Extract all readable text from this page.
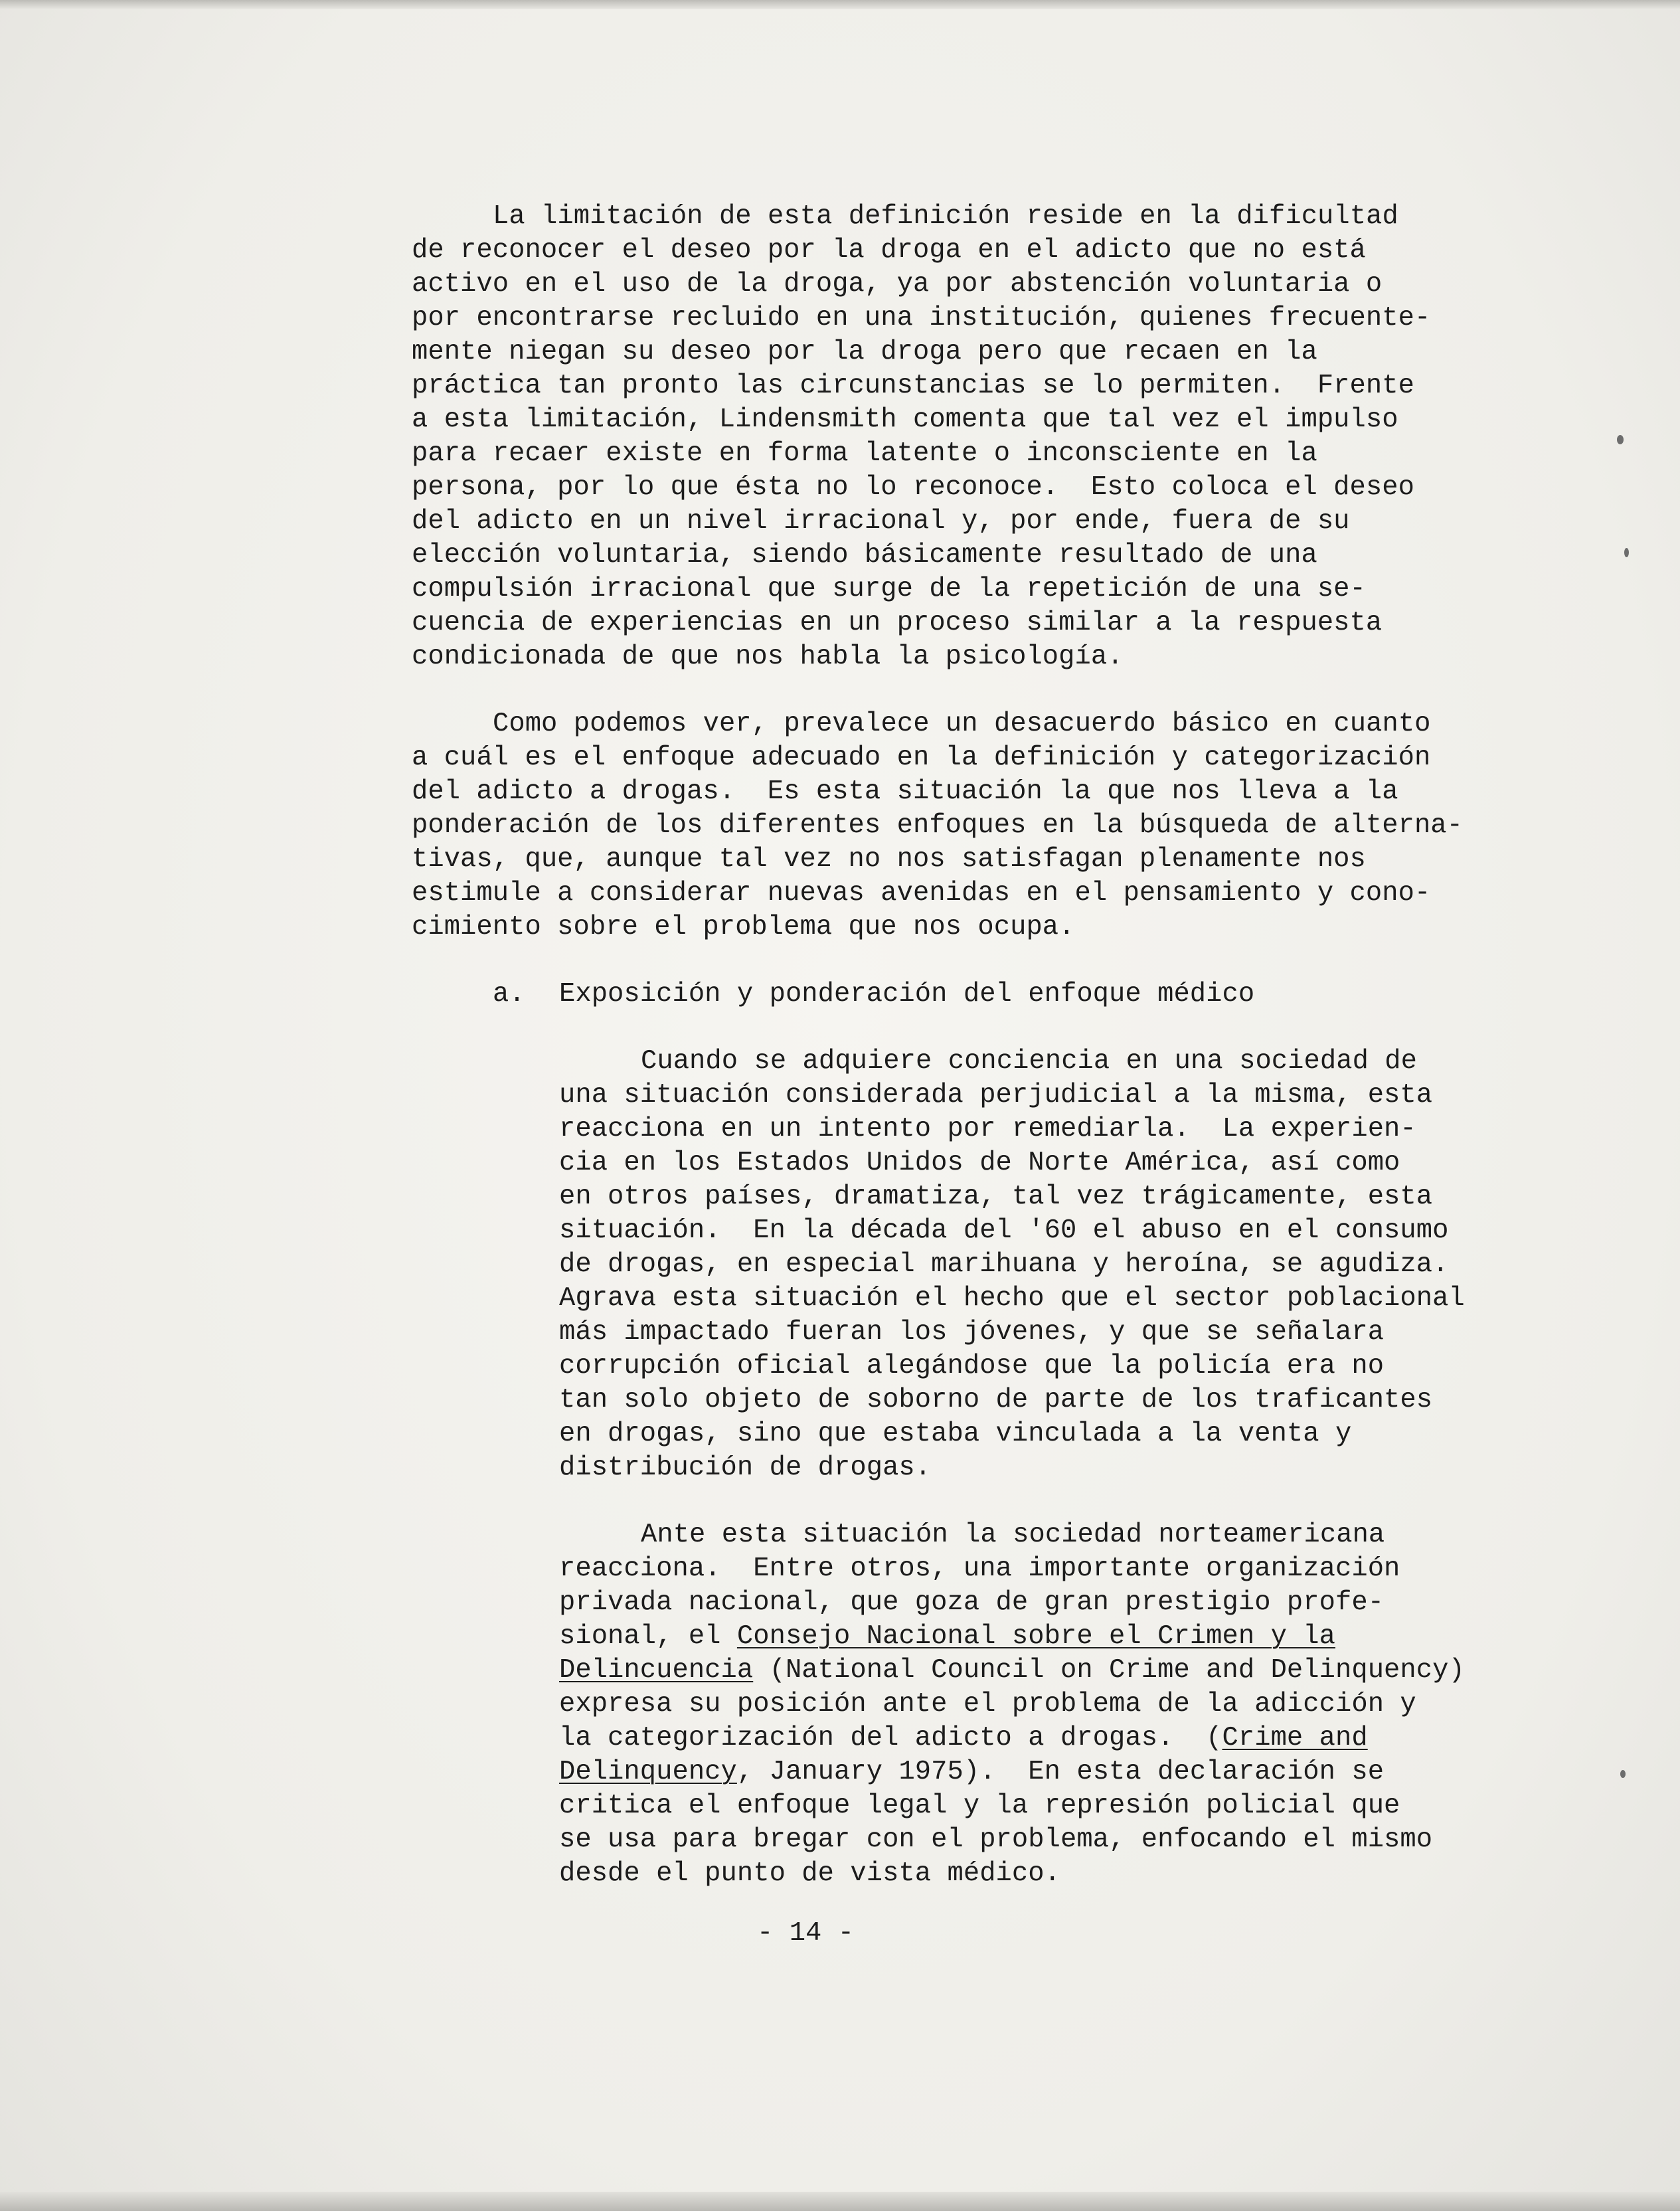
La limitación de esta definición reside en la dificultad
de reconocer el deseo por la droga en el adicto que no está
activo en el uso de la droga, ya por abstención voluntaria o
por encontrarse recluido en una institución, quienes frecuente-
mente niegan su deseo por la droga pero que recaen en la
práctica tan pronto las circunstancias se lo permiten.  Frente
a esta limitación, Lindensmith comenta que tal vez el impulso
para recaer existe en forma latente o inconsciente en la
persona, por lo que ésta no lo reconoce.  Esto coloca el deseo
del adicto en un nivel irracional y, por ende, fuera de su
elección voluntaria, siendo básicamente resultado de una
compulsión irracional que surge de la repetición de una se-
cuencia de experiencias en un proceso similar a la respuesta
condicionada de que nos habla la psicología.
Como podemos ver, prevalece un desacuerdo básico en cuanto
a cuál es el enfoque adecuado en la definición y categorización
del adicto a drogas.  Es esta situación la que nos lleva a la
ponderación de los diferentes enfoques en la búsqueda de alterna-
tivas, que, aunque tal vez no nos satisfagan plenamente nos
estimule a considerar nuevas avenidas en el pensamiento y cono-
cimiento sobre el problema que nos ocupa.
a. Exposición y ponderación del enfoque médico
Cuando se adquiere conciencia en una sociedad de
una situación considerada perjudicial a la misma, esta
reacciona en un intento por remediarla.  La experien-
cia en los Estados Unidos de Norte América, así como
en otros países, dramatiza, tal vez trágicamente, esta
situación.  En la década del '60 el abuso en el consumo
de drogas, en especial marihuana y heroína, se agudiza.
Agrava esta situación el hecho que el sector poblacional
más impactado fueran los jóvenes, y que se señalara
corrupción oficial alegándose que la policía era no
tan solo objeto de soborno de parte de los traficantes
en drogas, sino que estaba vinculada a la venta y
distribución de drogas.
Ante esta situación la sociedad norteamericana
reacciona.  Entre otros, una importante organización
privada nacional, que goza de gran prestigio profe-
sional, el Consejo Nacional sobre el Crimen y la
Delincuencia (National Council on Crime and Delinquency)
expresa su posición ante el problema de la adicción y
la categorización del adicto a drogas.  (Crime and
Delinquency, January 1975).  En esta declaración se
critica el enfoque legal y la represión policial que
se usa para bregar con el problema, enfocando el mismo
desde el punto de vista médico.
- 14 -
